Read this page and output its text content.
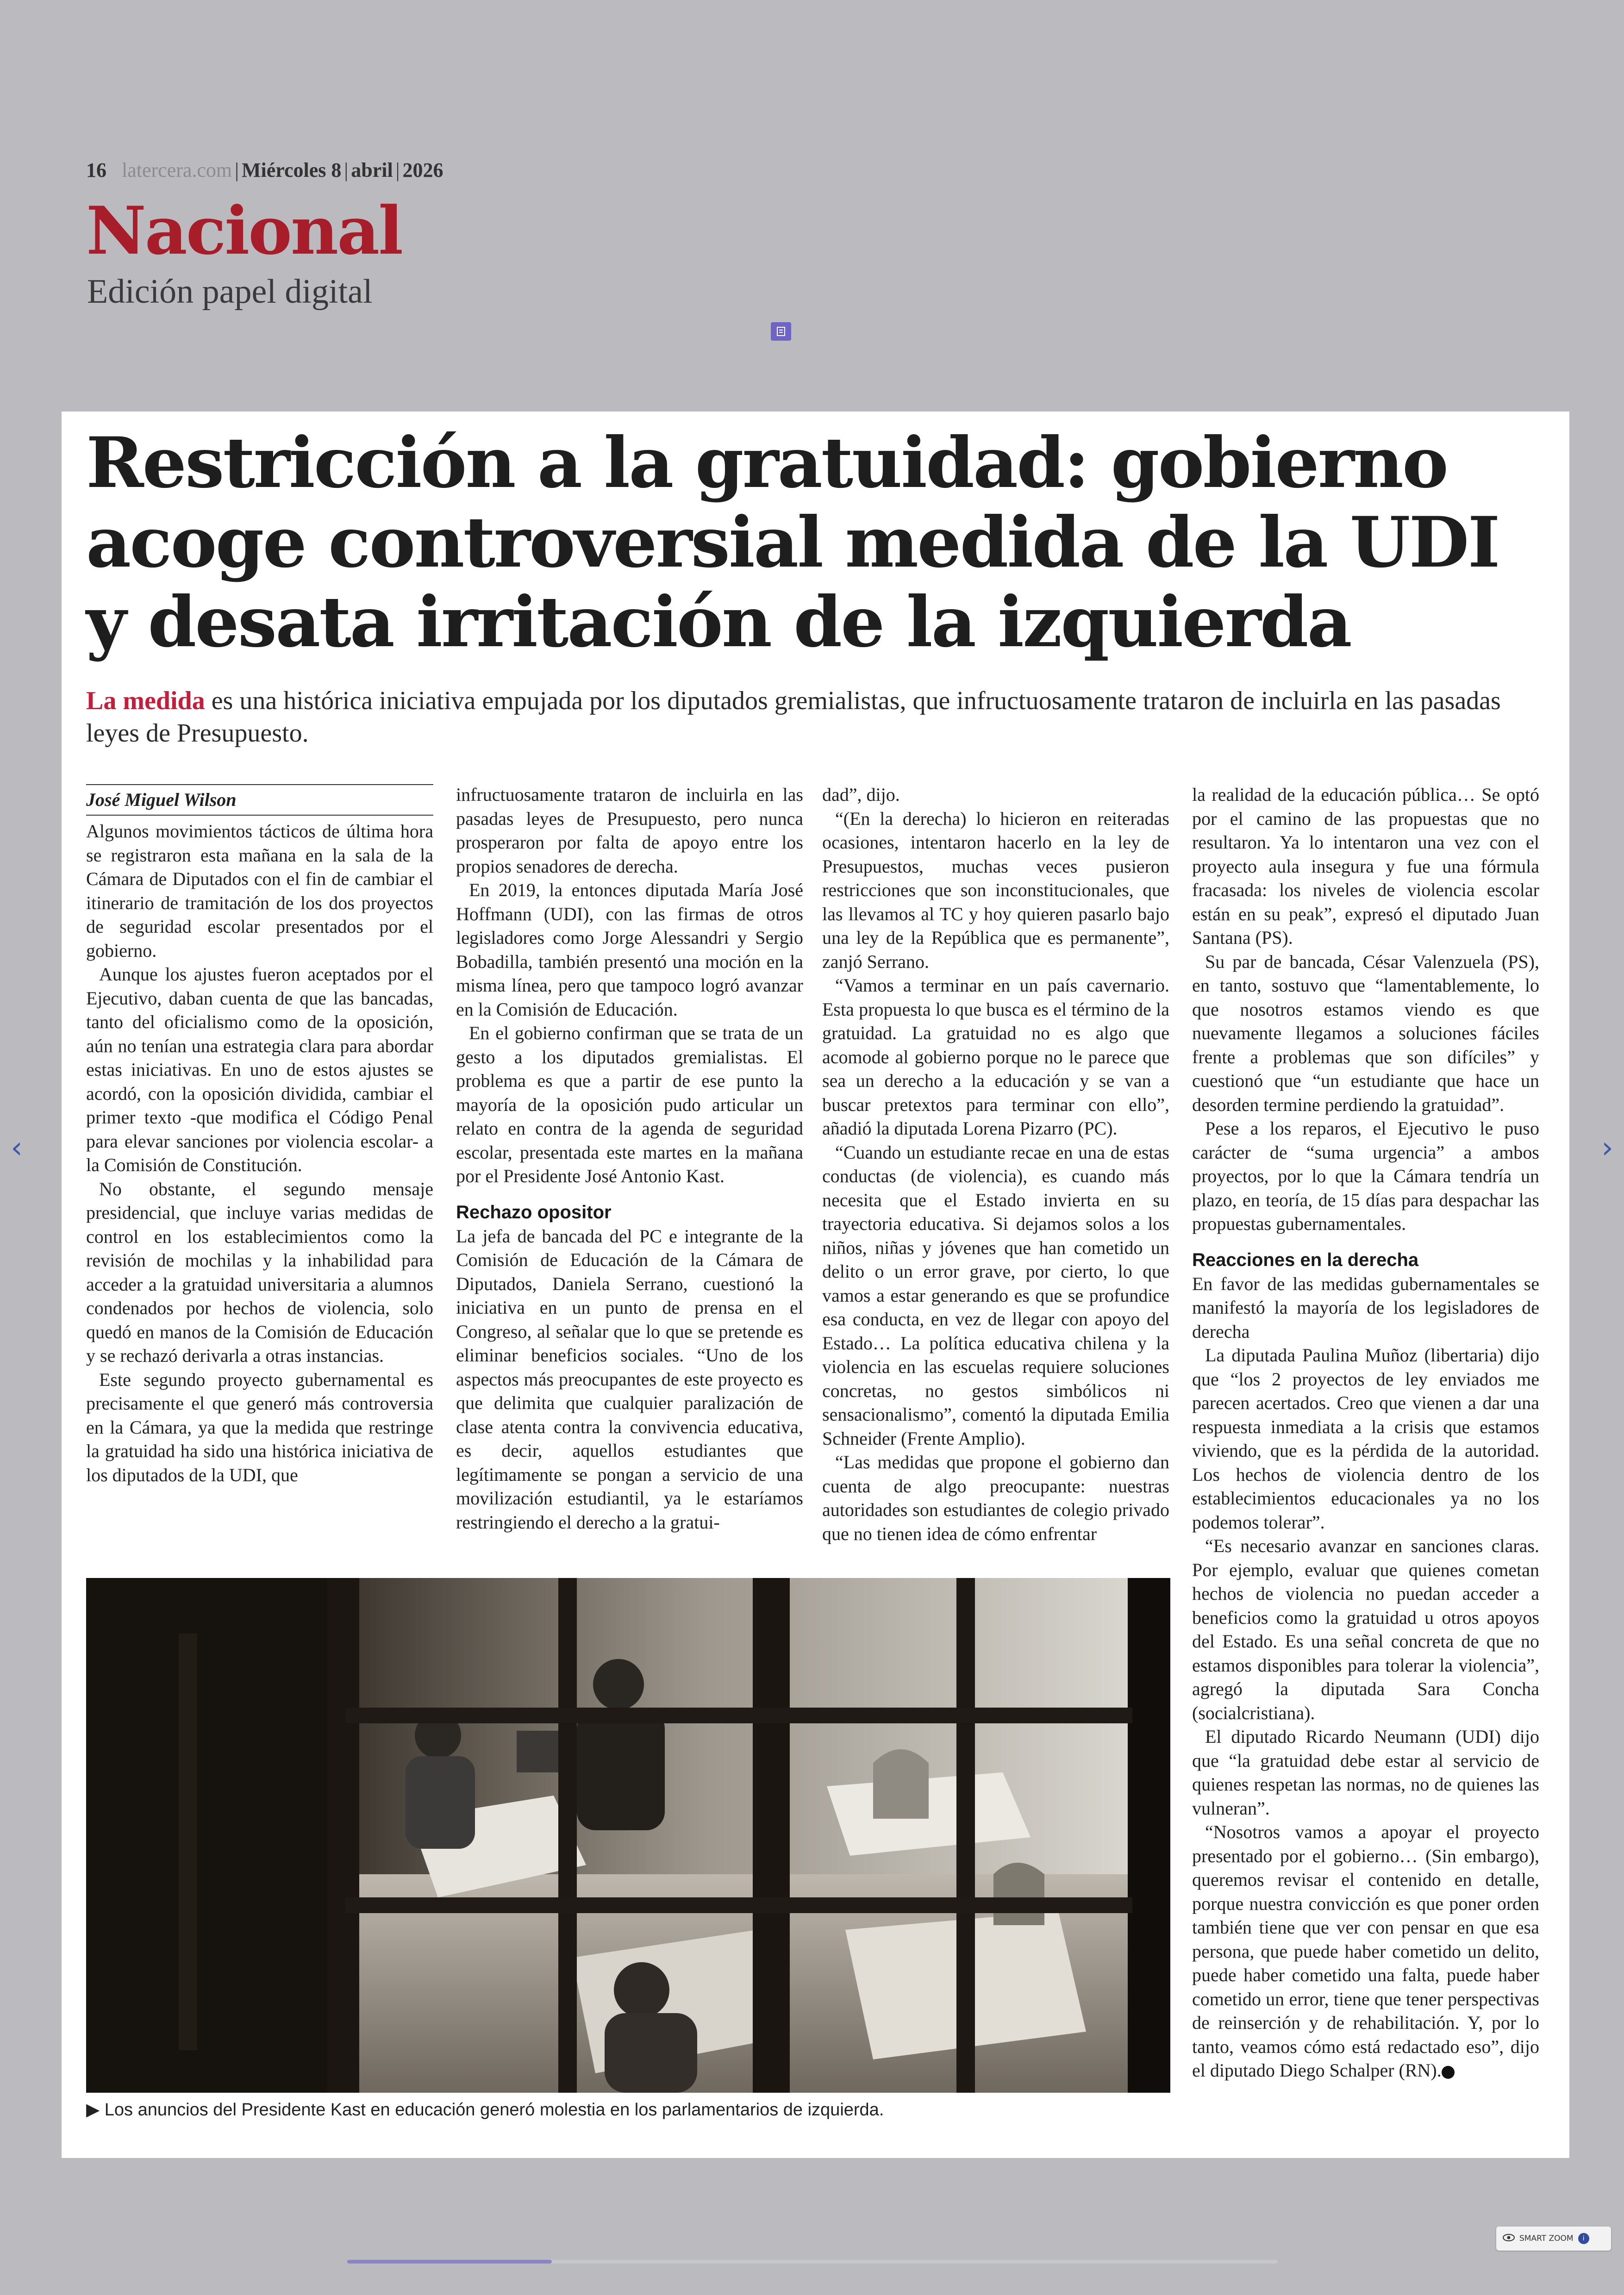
16 latercera.com | Miércoles 8 | abril | 2026
Nacional
Edición papel digital
‹	›
Restricción a la gratuidad: gobierno acoge controversial medida de la UDI y desata irritación de la izquierda
La medida es una histórica iniciativa empujada por los diputados gremialistas, que infructuosamente trataron de incluirla en las pasadas leyes de Presupuesto.
José Miguel Wilson

Algunos movimientos tácticos de última hora se registraron esta mañana en la sala de la Cámara de Diputados con el fin de cambiar el itinerario de tramitación de los dos proyectos de seguridad escolar presentados por el gobierno.

Aunque los ajustes fueron aceptados por el Ejecutivo, daban cuenta de que las bancadas, tanto del oficialismo como de la oposición, aún no tenían una estrategia clara para abordar estas iniciativas. En uno de estos ajustes se acordó, con la oposición dividida, cambiar el primer texto -que modifica el Código Penal para elevar sanciones por violencia escolar- a la Comisión de Constitución.

No obstante, el segundo mensaje presidencial, que incluye varias medidas de control en los establecimientos como la revisión de mochilas y la inhabilidad para acceder a la gratuidad universitaria a alumnos condenados por hechos de violencia, solo quedó en manos de la Comisión de Educación y se rechazó derivarla a otras instancias.

Este segundo proyecto gubernamental es precisamente el que generó más controversia en la Cámara, ya que la medida que restringe la gratuidad ha sido una histórica iniciativa de los diputados de la UDI, que

infructuosamente trataron de incluirla en las pasadas leyes de Presupuesto, pero nunca prosperaron por falta de apoyo entre los propios senadores de derecha.

En 2019, la entonces diputada María José Hoffmann (UDI), con las firmas de otros legisladores como Jorge Alessandri y Sergio Bobadilla, también presentó una moción en la misma línea, pero que tampoco logró avanzar en la Comisión de Educación.

En el gobierno confirman que se trata de un gesto a los diputados gremialistas. El problema es que a partir de ese punto la mayoría de la oposición pudo articular un relato en contra de la agenda de seguridad escolar, presentada este martes en la mañana por el Presidente José Antonio Kast.

Rechazo opositor

La jefa de bancada del PC e integrante de la Comisión de Educación de la Cámara de Diputados, Daniela Serrano, cuestionó la iniciativa en un punto de prensa en el Congreso, al señalar que lo que se pretende es eliminar beneficios sociales. “Uno de los aspectos más preocupantes de este proyecto es que delimita que cualquier paralización de clase atenta contra la convivencia educativa, es decir, aquellos estudiantes que legítimamente se pongan a servicio de una movilización estudiantil, ya le estaríamos restringiendo el derecho a la gratui-

dad”, dijo.

“(En la derecha) lo hicieron en reiteradas ocasiones, intentaron hacerlo en la ley de Presupuestos, muchas veces pusieron restricciones que son inconstitucionales, que las llevamos al TC y hoy quieren pasarlo bajo una ley de la República que es permanente”, zanjó Serrano.

“Vamos a terminar en un país cavernario. Esta propuesta lo que busca es el término de la gratuidad. La gratuidad no es algo que acomode al gobierno porque no le parece que sea un derecho a la educación y se van a buscar pretextos para terminar con ello”, añadió la diputada Lorena Pizarro (PC).

“Cuando un estudiante recae en una de estas conductas (de violencia), es cuando más necesita que el Estado invierta en su trayectoria educativa. Si dejamos solos a los niños, niñas y jóvenes que han cometido un delito o un error grave, por cierto, lo que vamos a estar generando es que se profundice esa conducta, en vez de llegar con apoyo del Estado… La política educativa chilena y la violencia en las escuelas requiere soluciones concretas, no gestos simbólicos ni sensacionalismo”, comentó la diputada Emilia Schneider (Frente Amplio).

“Las medidas que propone el gobierno dan cuenta de algo preocupante: nuestras autoridades son estudiantes de colegio privado que no tienen idea de cómo enfrentar

la realidad de la educación pública… Se optó por el camino de las propuestas que no resultaron. Ya lo intentaron una vez con el proyecto aula insegura y fue una fórmula fracasada: los niveles de violencia escolar están en su peak”, expresó el diputado Juan Santana (PS).

Su par de bancada, César Valenzuela (PS), en tanto, sostuvo que “lamentablemente, lo que nosotros estamos viendo es que nuevamente llegamos a soluciones fáciles frente a problemas que son difíciles” y cuestionó que “un estudiante que hace un desorden termine perdiendo la gratuidad”.

Pese a los reparos, el Ejecutivo le puso carácter de “suma urgencia” a ambos proyectos, por lo que la Cámara tendría un plazo, en teoría, de 15 días para despachar las propuestas gubernamentales.

Reacciones en la derecha

En favor de las medidas gubernamentales se manifestó la mayoría de los legisladores de derecha

La diputada Paulina Muñoz (libertaria) dijo que “los 2 proyectos de ley enviados me parecen acertados. Creo que vienen a dar una respuesta inmediata a la crisis que estamos viviendo, que es la pérdida de la autoridad. Los hechos de violencia dentro de los establecimientos educacionales ya no los podemos tolerar”.

“Es necesario avanzar en sanciones claras. Por ejemplo, evaluar que quienes cometan hechos de violencia no puedan acceder a beneficios como la gratuidad u otros apoyos del Estado. Es una señal concreta de que no estamos disponibles para tolerar la violencia”, agregó la diputada Sara Concha (socialcristiana).

El diputado Ricardo Neumann (UDI) dijo que “la gratuidad debe estar al servicio de quienes respetan las normas, no de quienes las vulneran”.

“Nosotros vamos a apoyar el proyecto presentado por el gobierno… (Sin embargo), queremos revisar el contenido en detalle, porque nuestra convicción es que poner orden también tiene que ver con pensar en que esa persona, que puede haber cometido un delito, puede haber cometido una falta, puede haber cometido un error, tiene que tener perspectivas de reinserción y de rehabilitación. Y, por lo tanto, veamos cómo está redactado eso”, dijo el diputado Diego Schalper (RN).

▶ Los anuncios del Presidente Kast en educación generó molestia en los parlamentarios de izquierda.
SMART ZOOM	i
